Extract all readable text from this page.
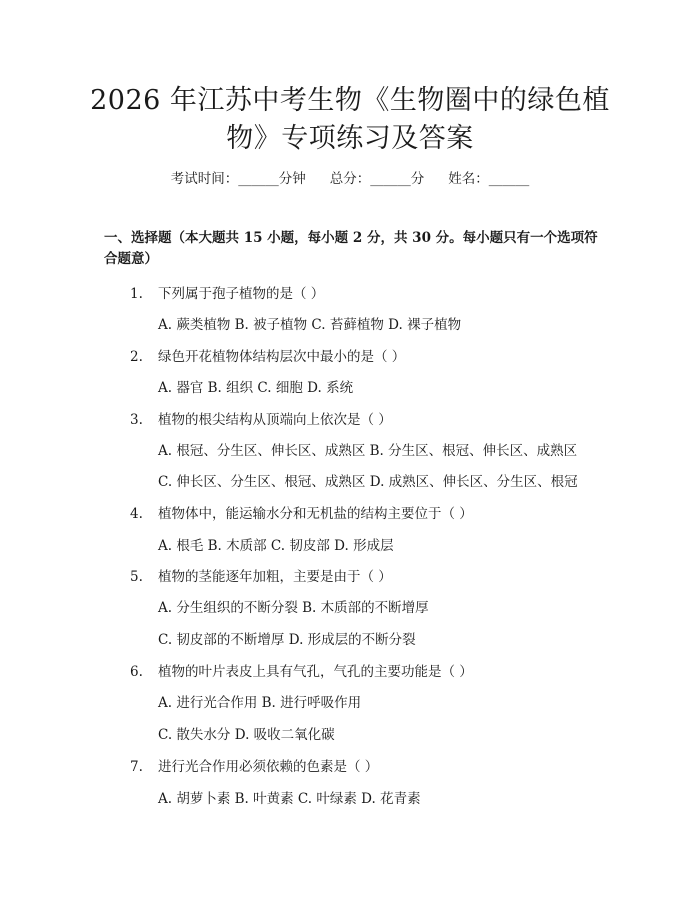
2026 年江苏中考生物《生物圈中的绿色植
物》专项练习及答案
考试时间：______分钟 总分：______分 姓名：______
一、选择题（本大题共 15 小题，每小题 2 分，共 30 分。每小题只有一个选项符合题意）
1. 下列属于孢子植物的是（ ）
A. 蕨类植物 B. 被子植物 C. 苔藓植物 D. 裸子植物
2. 绿色开花植物体结构层次中最小的是（ ）
A. 器官 B. 组织 C. 细胞 D. 系统
3. 植物的根尖结构从顶端向上依次是（ ）
A. 根冠、分生区、伸长区、成熟区 B. 分生区、根冠、伸长区、成熟区
C. 伸长区、分生区、根冠、成熟区 D. 成熟区、伸长区、分生区、根冠
4. 植物体中，能运输水分和无机盐的结构主要位于（ ）
A. 根毛 B. 木质部 C. 韧皮部 D. 形成层
5. 植物的茎能逐年加粗，主要是由于（ ）
A. 分生组织的不断分裂 B. 木质部的不断增厚
C. 韧皮部的不断增厚 D. 形成层的不断分裂
6. 植物的叶片表皮上具有气孔，气孔的主要功能是（ ）
A. 进行光合作用 B. 进行呼吸作用
C. 散失水分 D. 吸收二氧化碳
7. 进行光合作用必须依赖的色素是（ ）
A. 胡萝卜素 B. 叶黄素 C. 叶绿素 D. 花青素
